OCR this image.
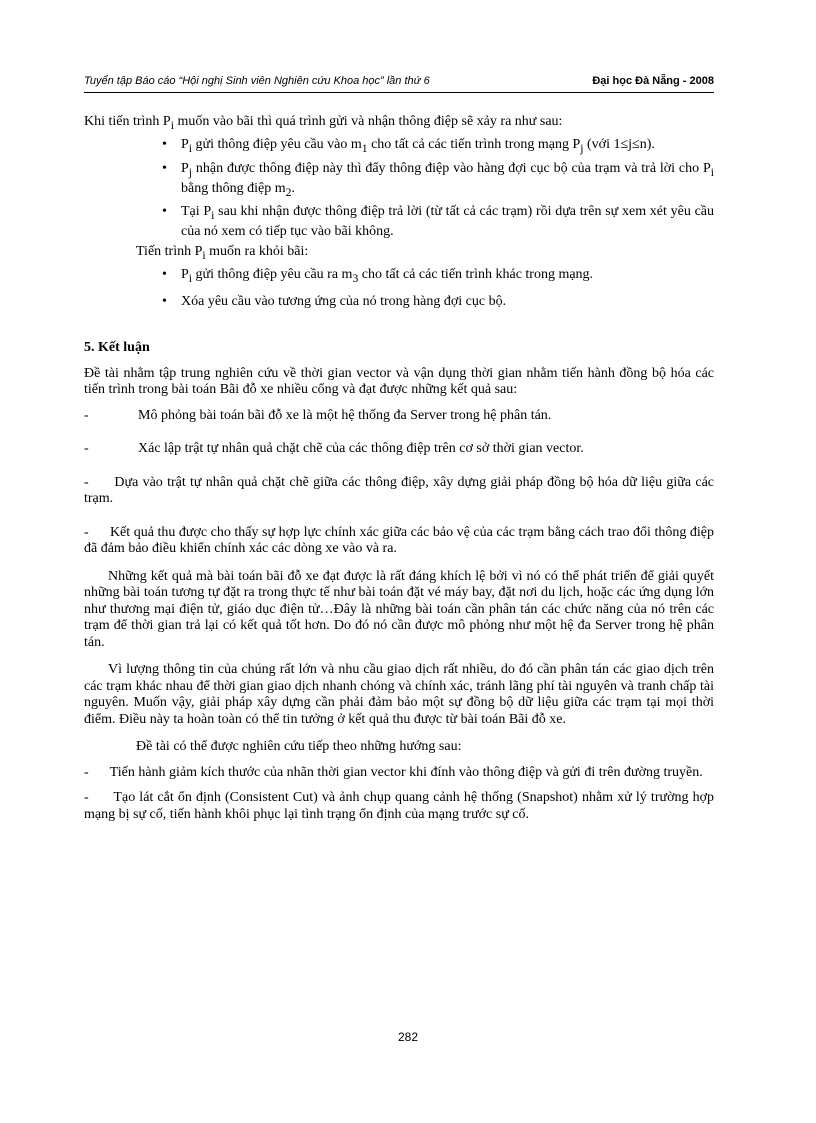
Tuyển tập Báo cáo “Hội nghị Sinh viên Nghiên cứu Khoa học” lần thứ 6	Đại học Đà Nẵng - 2008

Khi tiến trình $P_i$ muốn vào bãi thì quá trình gửi và nhận thông điệp sẽ xảy ra như sau:

•	$P_i$ gửi thông điệp yêu cầu vào $m_1$ cho tất cả các tiến trình trong mạng $P_j$ (với 1≤j≤n).
•	$P_j$ nhận được thông điệp này thì đẩy thông điệp vào hàng đợi cục bộ của trạm và trả lời cho $P_i$ bằng thông điệp $m_2$.
•	Tại $P_i$ sau khi nhận được thông điệp trả lời (từ tất cả các trạm) rồi dựa trên sự xem xét yêu cầu của nó xem có tiếp tục vào bãi không.

Tiến trình $P_i$ muốn ra khỏi bãi:

•	$P_i$ gửi thông điệp yêu cầu ra $m_3$ cho tất cả các tiến trình khác trong mạng.
•	Xóa yêu cầu vào tương ứng của nó trong hàng đợi cục bộ.

5. Kết luận

Đề tài nhằm tập trung nghiên cứu về thời gian vector và vận dụng thời gian nhằm tiến hành đồng bộ hóa các tiến trình trong bài toán Bãi đỗ xe nhiều cổng và đạt được những kết quả sau:

-	Mô phỏng bài toán bãi đỗ xe là một hệ thống đa Server trong hệ phân tán.
-	Xác lập trật tự nhân quả chặt chẽ của các thông điệp trên cơ sở thời gian vector.
-      Dựa vào trật tự nhân quả chặt chẽ giữa các thông điệp, xây dựng giải pháp đồng bộ hóa dữ liệu giữa các trạm.
-      Kết quả thu được cho thấy sự hợp lực chính xác giữa các bảo vệ của các trạm bằng cách trao đổi thông điệp đã đảm bảo điều khiển chính xác các dòng xe vào và ra.

Những kết quả mà bài toán bãi đỗ xe đạt được là rất đáng khích lệ bởi vì nó có thể phát triển để giải quyết những bài toán tương tự đặt ra trong thực tế như bài toán đặt vé máy bay, đặt nơi du lịch, hoặc các ứng dụng lớn như thương mại điện tử, giáo dục điện tử…Đây là những bài toán cần phân tán các chức năng của nó trên các trạm để thời gian trả lại có kết quả tốt hơn. Do đó nó cần được mô phỏng như một hệ đa Server trong hệ phân tán.

Vì lượng thông tin của chúng rất lớn và nhu cầu giao dịch rất nhiều, do đó cần phân tán các giao dịch trên các trạm khác nhau để thời gian giao dịch nhanh chóng và chính xác, tránh lãng phí tài nguyên và tranh chấp tài nguyên. Muốn vậy, giải pháp xây dựng cần phải đảm bảo một sự đồng bộ dữ liệu giữa các trạm tại mọi thời điểm. Điều này ta hoàn toàn có thể tin tưởng ở kết quả thu được từ bài toán Bãi đỗ xe.

Đề tài có thể được nghiên cứu tiếp theo những hướng sau:

-      Tiến hành giảm kích thước của nhãn thời gian vector khi đính vào thông điệp và gửi đi trên đường truyền.
-      Tạo lát cắt ổn định (Consistent Cut) và ảnh chụp quang cảnh hệ thống (Snapshot) nhằm xử lý trường hợp mạng bị sự cố, tiến hành khôi phục lại tình trạng ổn định của mạng trước sự cố.
282
